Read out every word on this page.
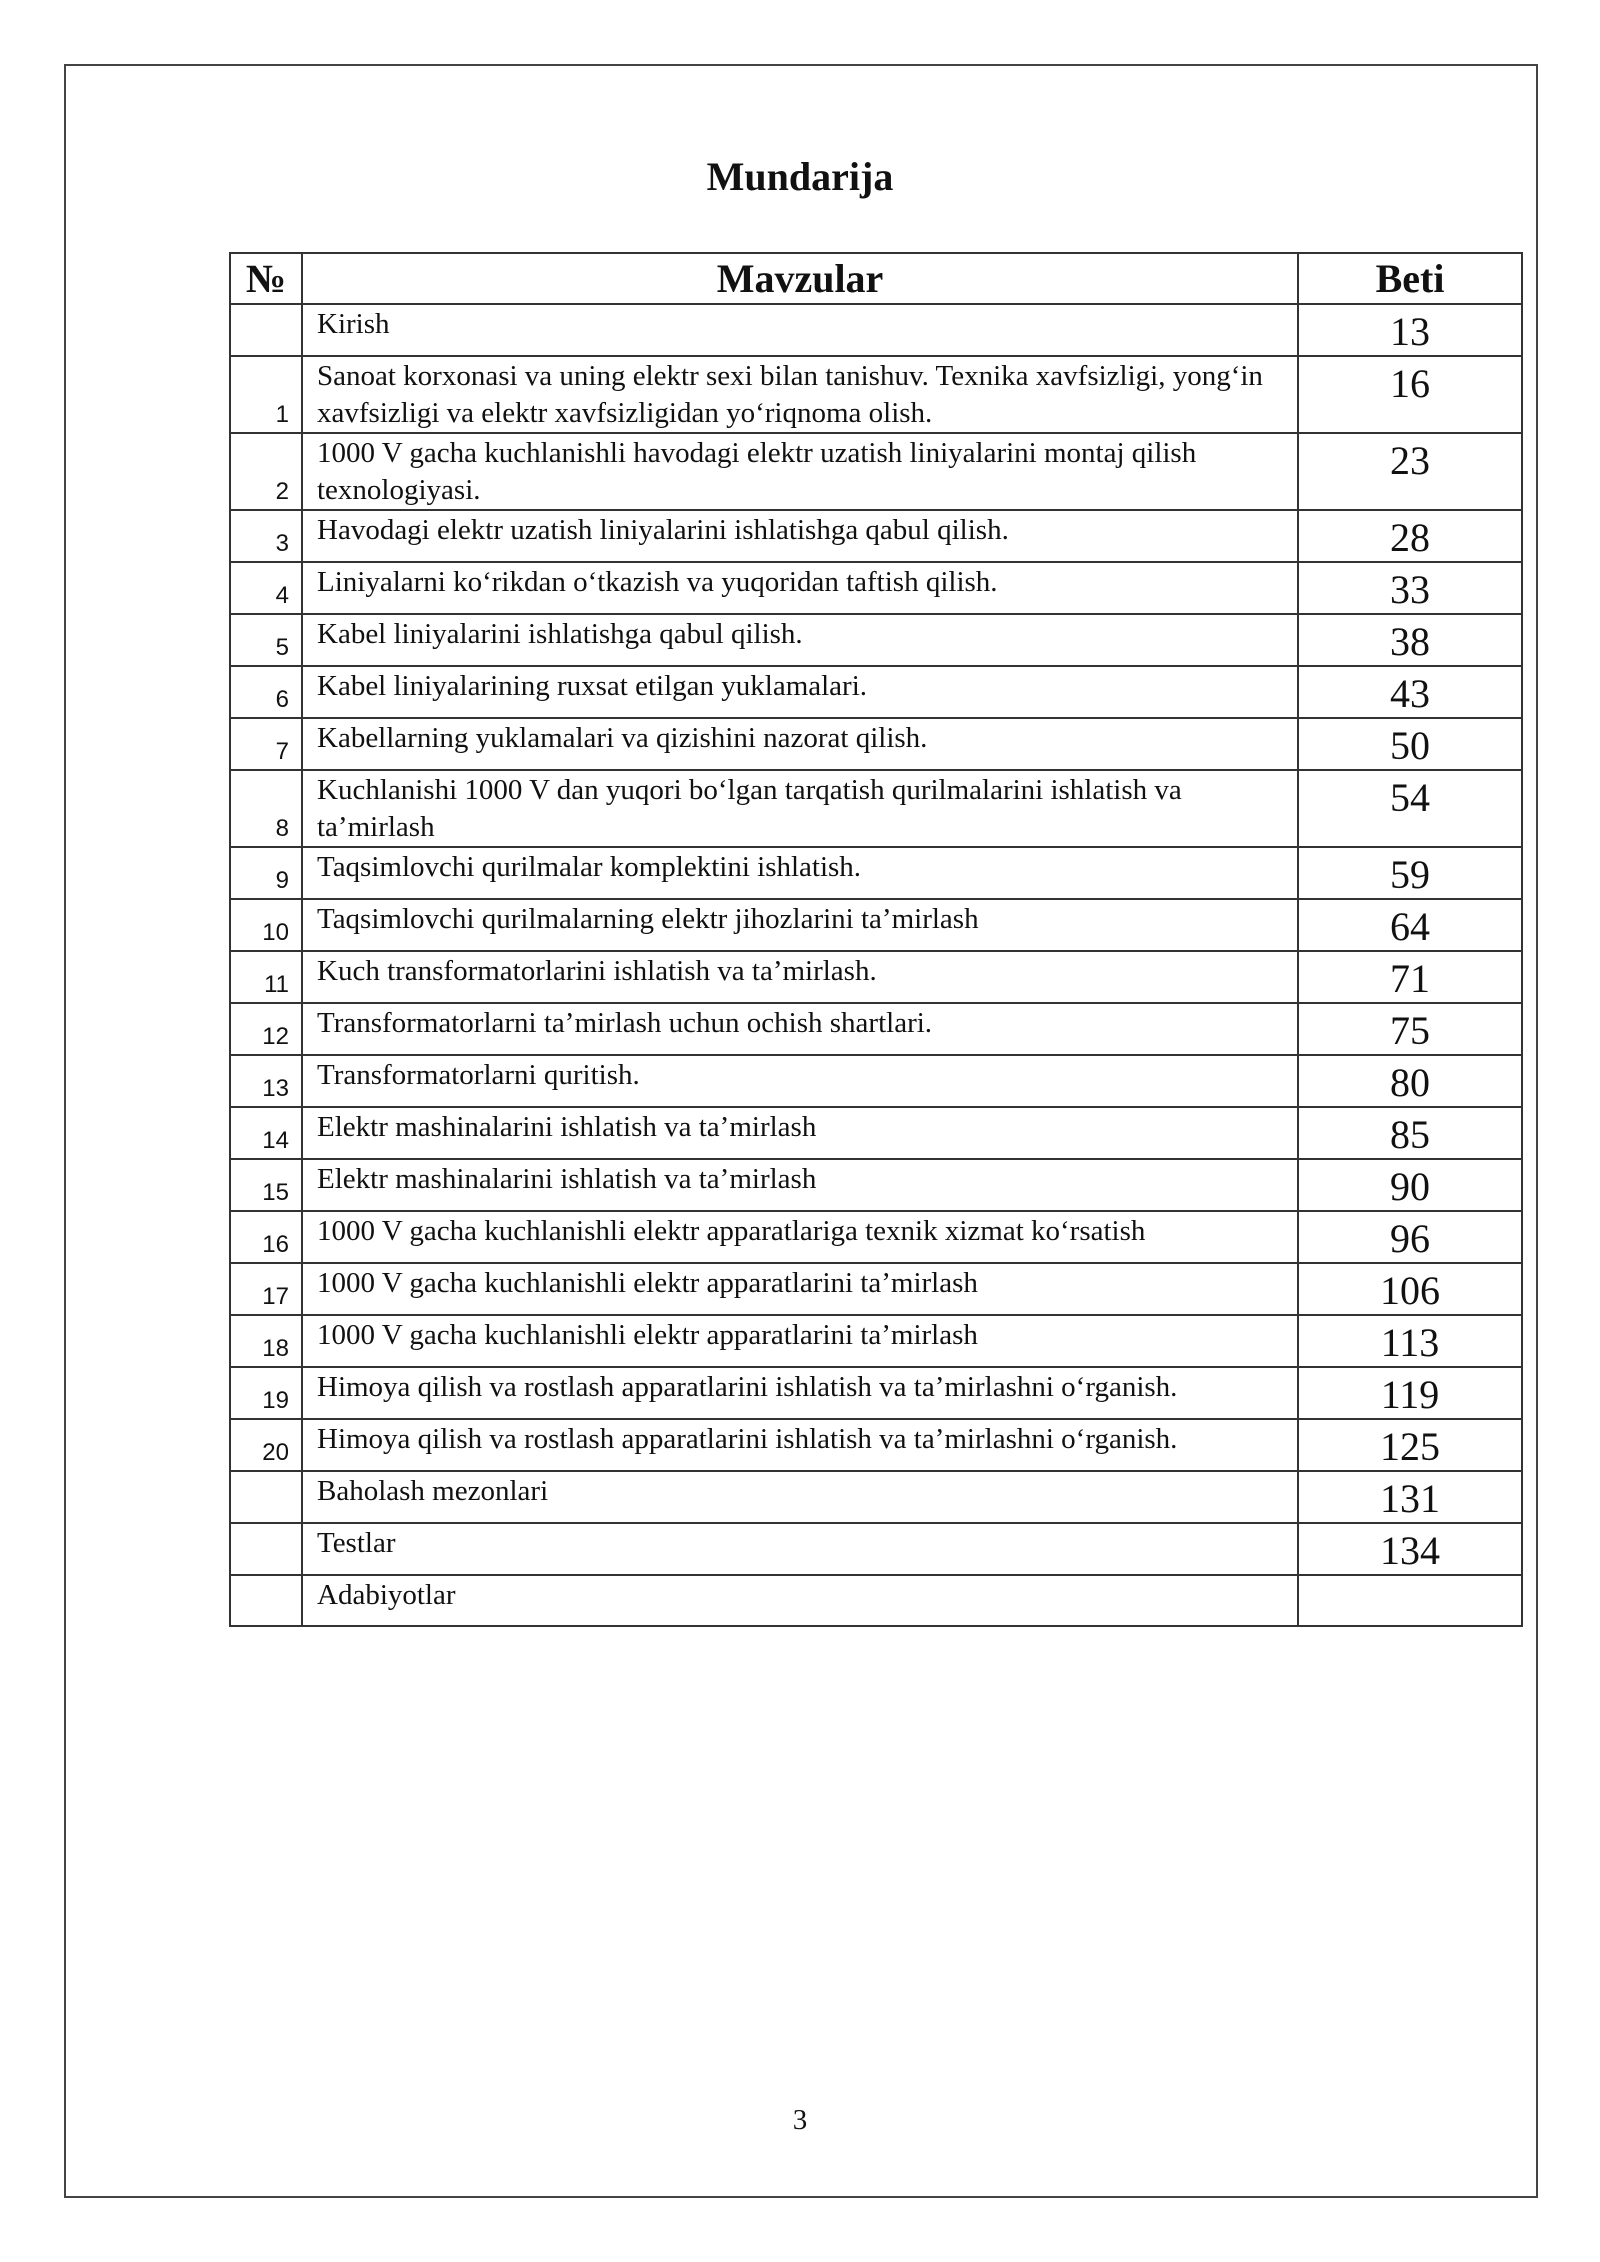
Mundarija
№	Mavzular	Beti
	Kirish	13
1	Sanoat korxonasi va uning elektr sexi bilan tanishuv. Texnika xavfsizligi, yong‘in xavfsizligi va elektr xavfsizligidan yo‘riqnoma olish.	16
2	1000 V gacha kuchlanishli havodagi elektr uzatish liniyalarini montaj qilish texnologiyasi.	23
3	Havodagi elektr uzatish liniyalarini ishlatishga qabul qilish.	28
4	Liniyalarni ko‘rikdan o‘tkazish va yuqoridan taftish qilish.	33
5	Kabel liniyalarini ishlatishga qabul qilish.	38
6	Kabel liniyalarining ruxsat etilgan yuklamalari.	43
7	Kabellarning yuklamalari va qizishini nazorat qilish.	50
8	Kuchlanishi 1000 V dan yuqori bo‘lgan tarqatish qurilmalarini ishlatish va ta’mirlash	54
9	Taqsimlovchi qurilmalar komplektini ishlatish.	59
10	Taqsimlovchi qurilmalarning elektr jihozlarini ta’mirlash	64
11	Kuch transformatorlarini ishlatish va ta’mirlash.	71
12	Transformatorlarni ta’mirlash uchun ochish shartlari.	75
13	Transformatorlarni quritish.	80
14	Elektr mashinalarini ishlatish va ta’mirlash	85
15	Elektr mashinalarini ishlatish va ta’mirlash	90
16	1000 V gacha kuchlanishli elektr apparatlariga texnik xizmat ko‘rsatish	96
17	1000 V gacha kuchlanishli elektr apparatlarini ta’mirlash	106
18	1000 V gacha kuchlanishli elektr apparatlarini ta’mirlash	113
19	Himoya qilish va rostlash apparatlarini ishlatish va ta’mirlashni o‘rganish.	119
20	Himoya qilish va rostlash apparatlarini ishlatish va ta’mirlashni o‘rganish.	125
	Baholash mezonlari	131
	Testlar	134
	Adabiyotlar	
3
